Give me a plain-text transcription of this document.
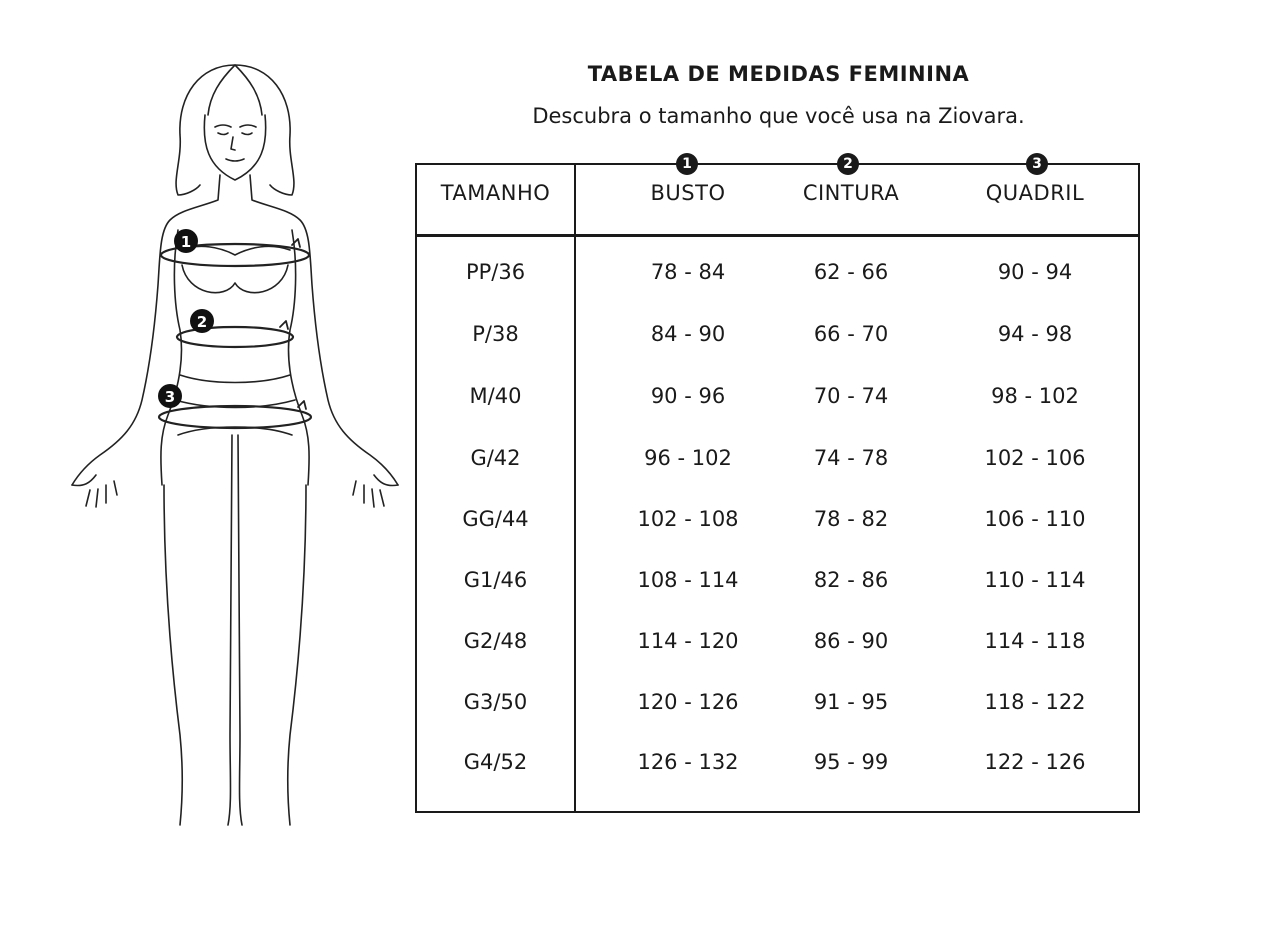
1
2
3
TABELA DE MEDIDAS FEMININA
Descubra o tamanho que você usa na Ziovara.
1	2	3
TAMANHO	BUSTO	CINTURA	QUADRIL
PP/36	78 - 84	62 - 66	90 - 94
P/38	84 - 90	66 - 70	94 - 98
M/40	90 - 96	70 - 74	98 - 102
G/42	96 - 102	74 - 78	102 - 106
GG/44	102 - 108	78 - 82	106 - 110
G1/46	108 - 114	82 - 86	110 - 114
G2/48	114 - 120	86 - 90	114 - 118
G3/50	120 - 126	91 - 95	118 - 122
G4/52	126 - 132	95 - 99	122 - 126
